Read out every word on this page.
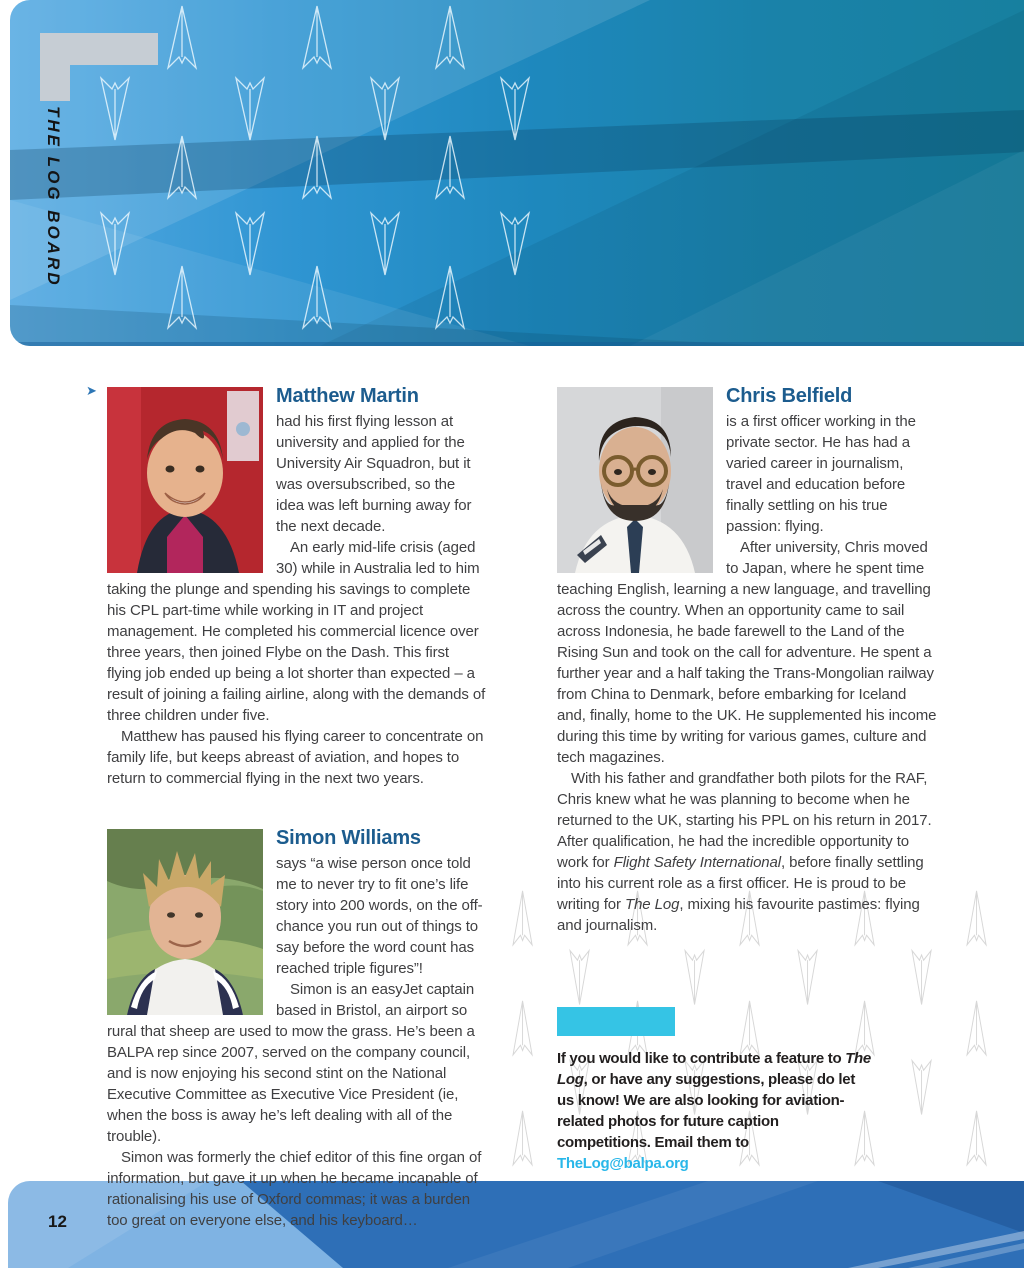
THE LOG BOARD
➤	Matthew Martin

had his first flying lesson at university and applied for the University Air Squadron, but it was oversubscribed, so the idea was left burning away for the next decade.

An early mid-life crisis (aged 30) while in Australia led to him taking the plunge and spending his savings to complete his CPL part-time while working in IT and project management. He completed his commercial licence over three years, then joined Flybe on the Dash. This first flying job ended up being a lot shorter than expected – a result of joining a failing airline, along with the demands of three children under five.

Matthew has paused his flying career to concentrate on family life, but keeps abreast of aviation, and hopes to return to commercial flying in the next two years.

Simon Williams

says “a wise person once told me to never try to fit one’s life story into 200 words, on the off-chance you run out of things to say before the word count has reached triple figures”!

Simon is an easyJet captain based in Bristol, an airport so rural that sheep are used to mow the grass. He’s been a BALPA rep since 2007, served on the company council, and is now enjoying his second stint on the National Executive Committee as Executive Vice President (ie, when the boss is away he’s left dealing with all of the trouble).

Simon was formerly the chief editor of this fine organ of information, but gave it up when he became incapable of rationalising his use of Oxford commas; it was a burden too great on everyone else, and his keyboard…

Chris Belfield

is a first officer working in the private sector. He has had a varied career in journalism, travel and education before finally settling on his true passion: flying.

After university, Chris moved to Japan, where he spent time teaching English, learning a new language, and travelling across the country. When an opportunity came to sail across Indonesia, he bade farewell to the Land of the Rising Sun and took on the call for adventure. He spent a further year and a half taking the Trans-Mongolian railway from China to Denmark, before embarking for Iceland and, finally, home to the UK. He supplemented his income during this time by writing for various games, culture and tech magazines.

With his father and grandfather both pilots for the RAF, Chris knew what he was planning to become when he returned to the UK, starting his PPL on his return in 2017. After qualification, he had the incredible opportunity to work for Flight Safety International, before finally settling into his current role as a first officer. He is proud to be writing for The Log, mixing his favourite pastimes: flying and journalism.

If you would like to contribute a feature to The Log, or have any suggestions, please do let us know! We are also looking for aviation-related photos for future caption competitions. Email them to TheLog@balpa.org
12
